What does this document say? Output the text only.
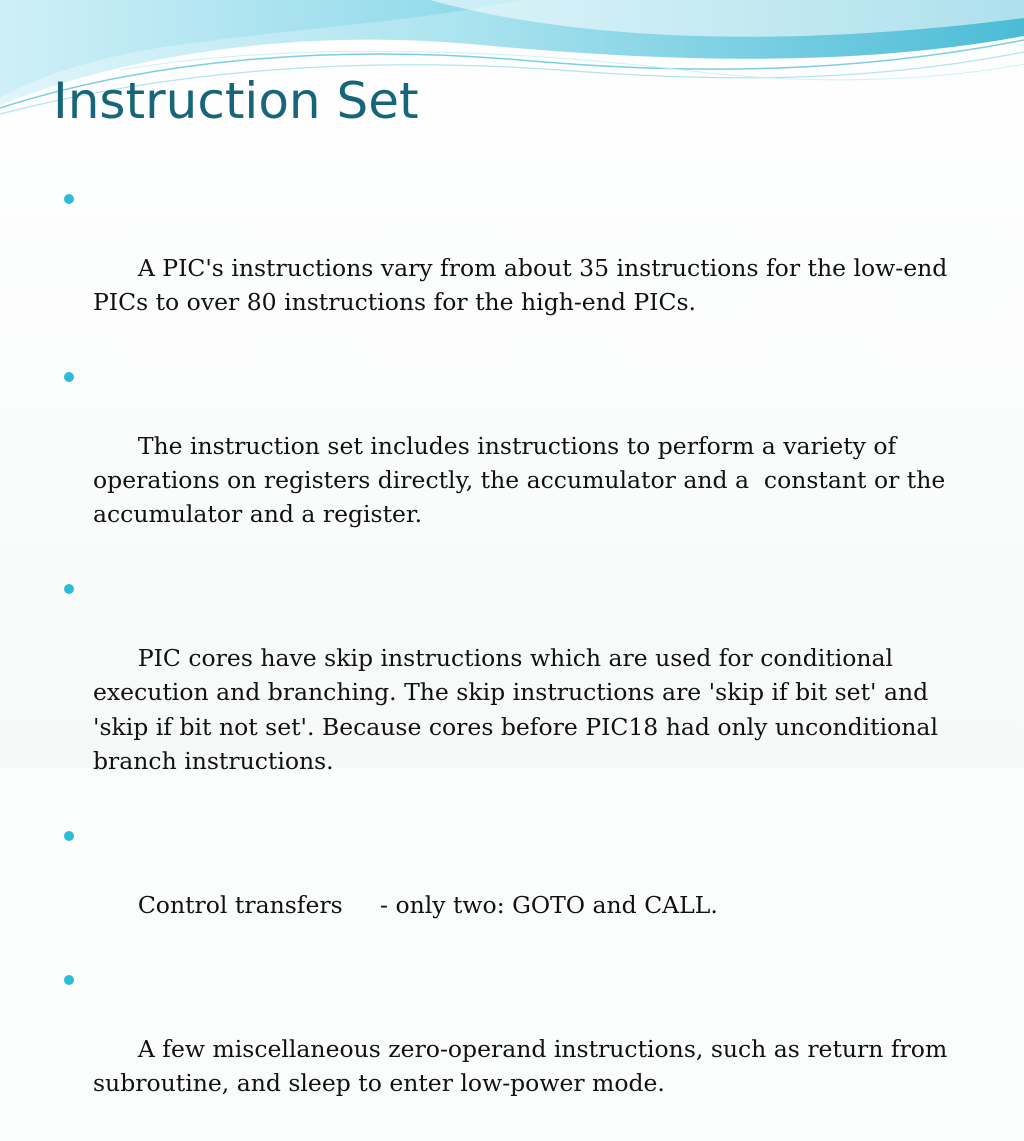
Instruction Set

A PIC's instructions vary from about 35 instructions for the low-end PICs to over 80 instructions for the high-end PICs.

The instruction set includes instructions to perform a variety of operations on registers directly, the accumulator and a  constant or the accumulator and a register.

PIC cores have skip instructions which are used for conditional execution and branching. The skip instructions are 'skip if bit set' and 'skip if bit not set'. Because cores before PIC18 had only unconditional branch instructions.

Control transfers     - only two: GOTO and CALL.

A few miscellaneous zero-operand instructions, such as return from subroutine, and sleep to enter low-power mode.
